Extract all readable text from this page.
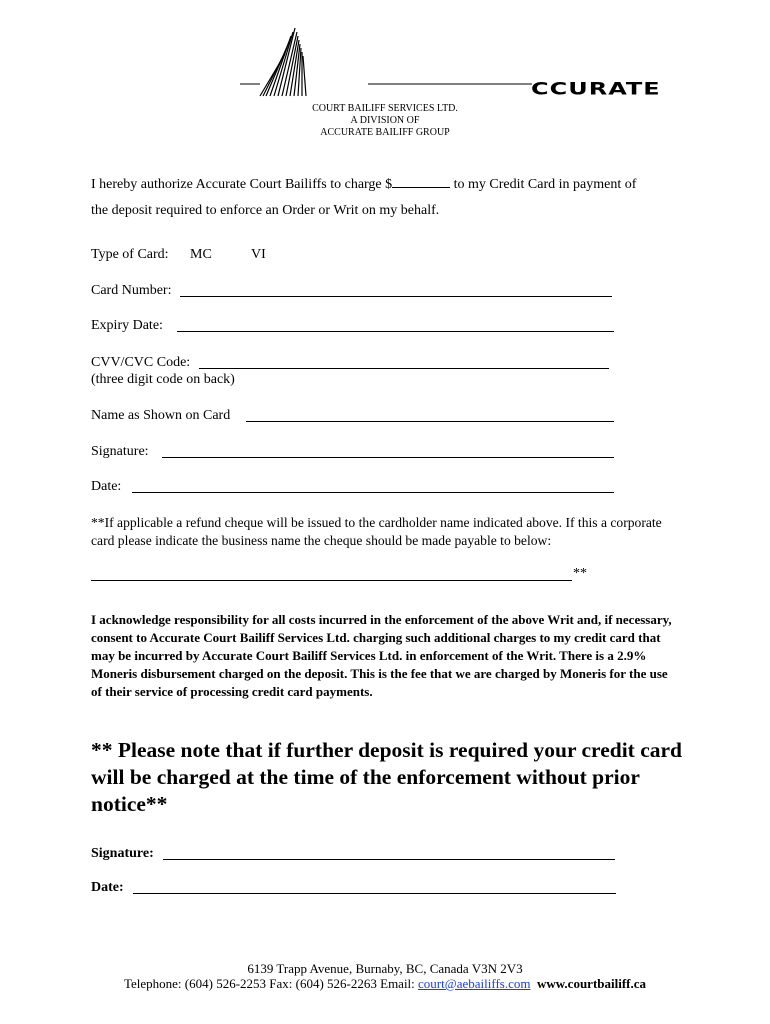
CCURATE
COURT BAILIFF SERVICES LTD.
A DIVISION OF
ACCURATE BAILIFF GROUP
I hereby authorize Accurate Court Bailiffs to charge $	to my Credit Card in payment of
the deposit required to enforce an Order or Writ on my behalf.
Type of Card: MC	VI
Card Number:
Expiry Date:
CVV/CVC Code:
(three digit code on back)
Name as Shown on Card
Signature:
Date:
**If applicable a refund cheque will be issued to the cardholder name indicated above. If this a corporate card please indicate the business name the cheque should be made payable to below:
**
I acknowledge responsibility for all costs incurred in the enforcement of the above Writ and, if necessary, consent to Accurate Court Bailiff Services Ltd. charging such additional charges to my credit card that may be incurred by Accurate Court Bailiff Services Ltd. in enforcement of the Writ. There is a 2.9% Moneris disbursement charged on the deposit. This is the fee that we are charged by Moneris for the use of their service of processing credit card payments.
** Please note that if further deposit is required your credit card will be charged at the time of the enforcement without prior notice**
Signature:
Date:
6139 Trapp Avenue, Burnaby, BC, Canada V3N 2V3
Telephone: (604) 526-2253 Fax: (604) 526-2263 Email: court@aebailiffs.com www.courtbailiff.ca
